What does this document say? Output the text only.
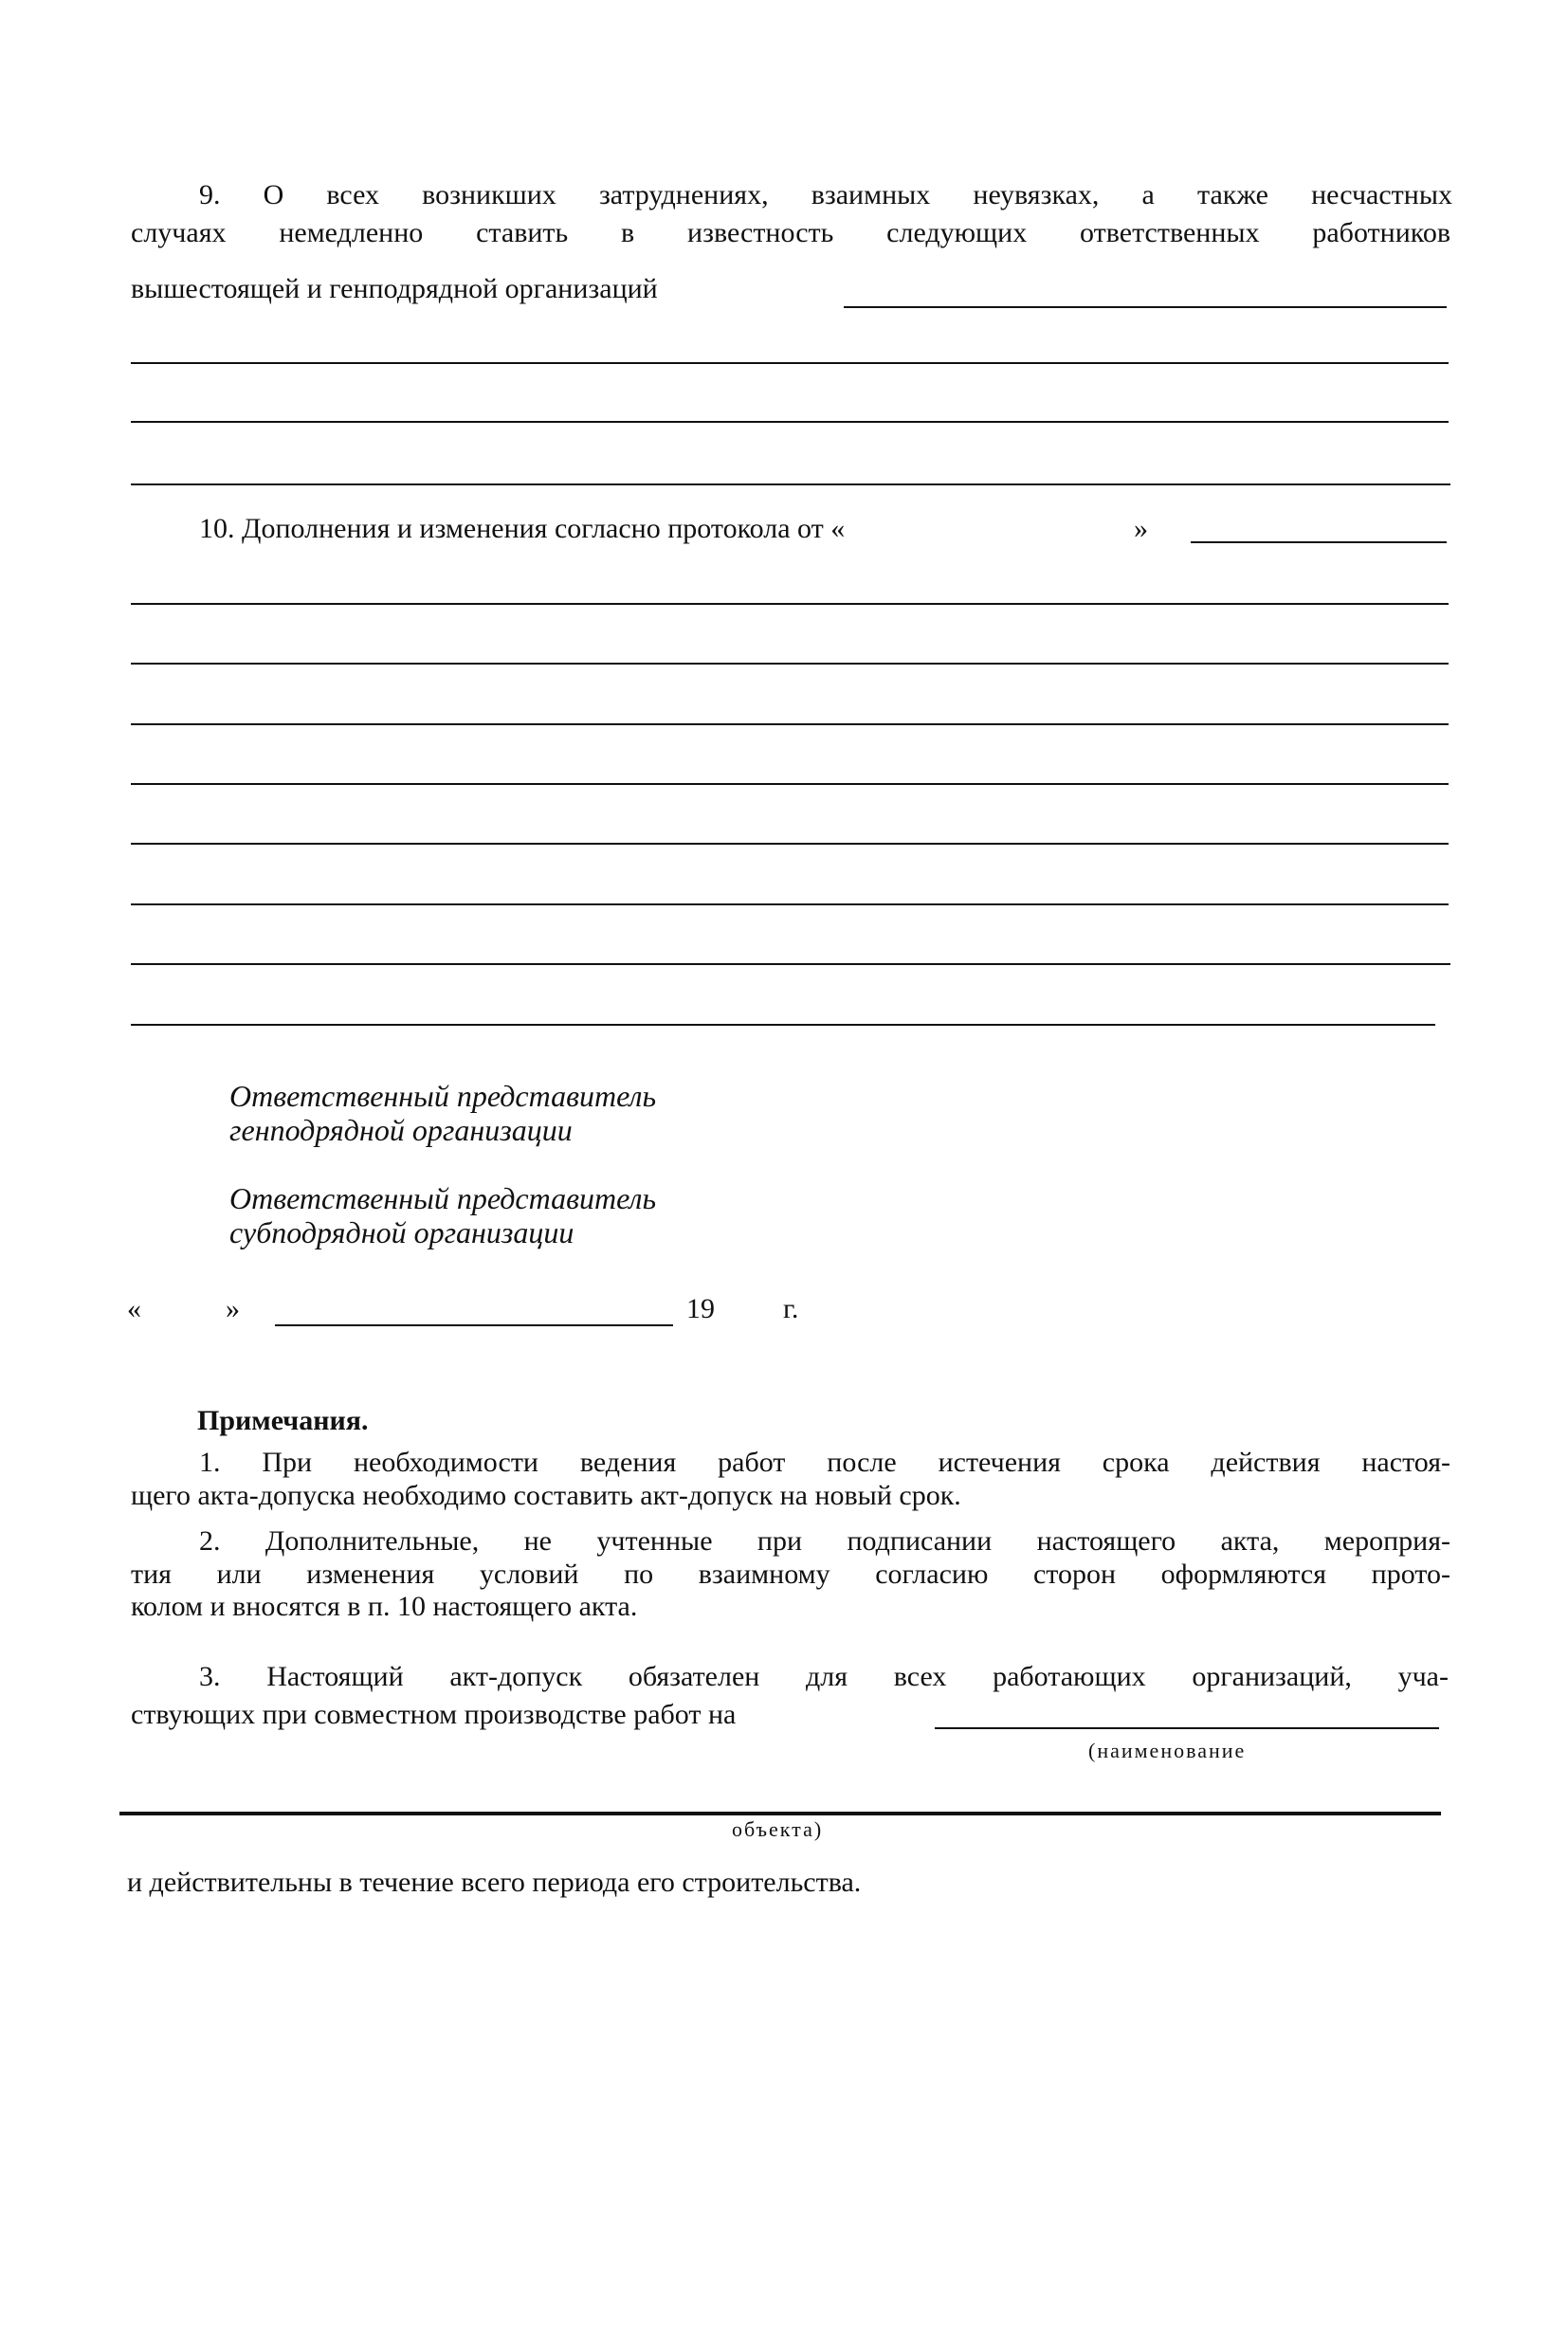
9. О всех возникших затруднениях, взаимных неувязках, а также несчастных
случаях немедленно ставить в известность следующих ответственных работников
вышестоящей и генподрядной организаций
10. Дополнения и изменения согласно протокола от «	»
Ответственный представитель
генподрядной организации
Ответственный представитель
субподрядной организации
«	»	19 г.
Примечания.
1. При необходимости ведения работ после истечения срока действия настоя-
щего акта-допуска необходимо составить акт-допуск на новый срок.
2. Дополнительные, не учтенные при подписании настоящего акта, мероприя-
тия или изменения условий по взаимному согласию сторон оформляются прото-
колом и вносятся в п. 10 настоящего акта.
3. Настоящий акт-допуск обязателен для всех работающих организаций, уча-
ствующих при совместном производстве работ на
(наименование
объекта)
и действительны в течение всего периода его строительства.
